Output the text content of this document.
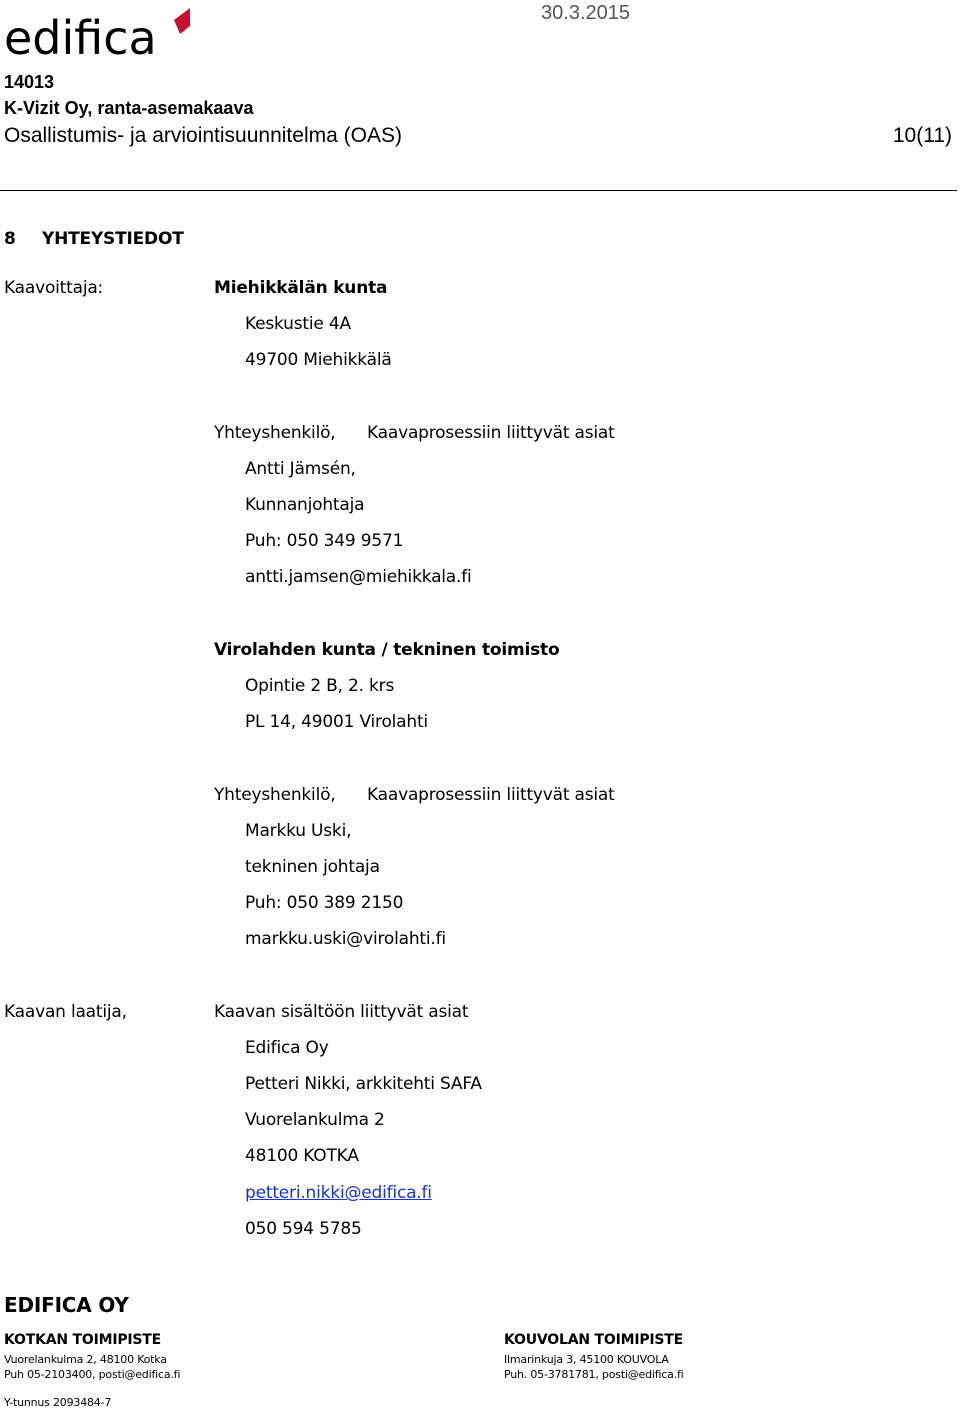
edifica	30.3.2015
14013
K-Vizit Oy, ranta-asemakaava
Osallistumis- ja arviointisuunnitelma (OAS)	10(11)
8 YHTEYSTIEDOT
Kaavoittaja:	Miehikkälän kunta
Keskustie 4A
49700 Miehikkälä
Yhteyshenkilö, Kaavaprosessiin liittyvät asiat
Antti Jämsén,
Kunnanjohtaja
Puh: 050 349 9571
antti.jamsen@miehikkala.fi
Virolahden kunta / tekninen toimisto
Opintie 2 B, 2. krs
PL 14, 49001 Virolahti
Yhteyshenkilö, Kaavaprosessiin liittyvät asiat
Markku Uski,
tekninen johtaja
Puh: 050 389 2150
markku.uski@virolahti.fi
Kaavan laatija,	Kaavan sisältöön liittyvät asiat
Edifica Oy
Petteri Nikki, arkkitehti SAFA
Vuorelankulma 2
48100 KOTKA
petteri.nikki@edifica.fi
050 594 5785
EDIFICA OY
KOTKAN TOIMIPISTE
Vuorelankulma 2, 48100 Kotka
Puh 05-2103400, posti@edifica.fi
KOUVOLAN TOIMIPISTE
Ilmarinkuja 3, 45100 KOUVOLA
Puh. 05-3781781, posti@edifica.fi
Y-tunnus 2093484-7
